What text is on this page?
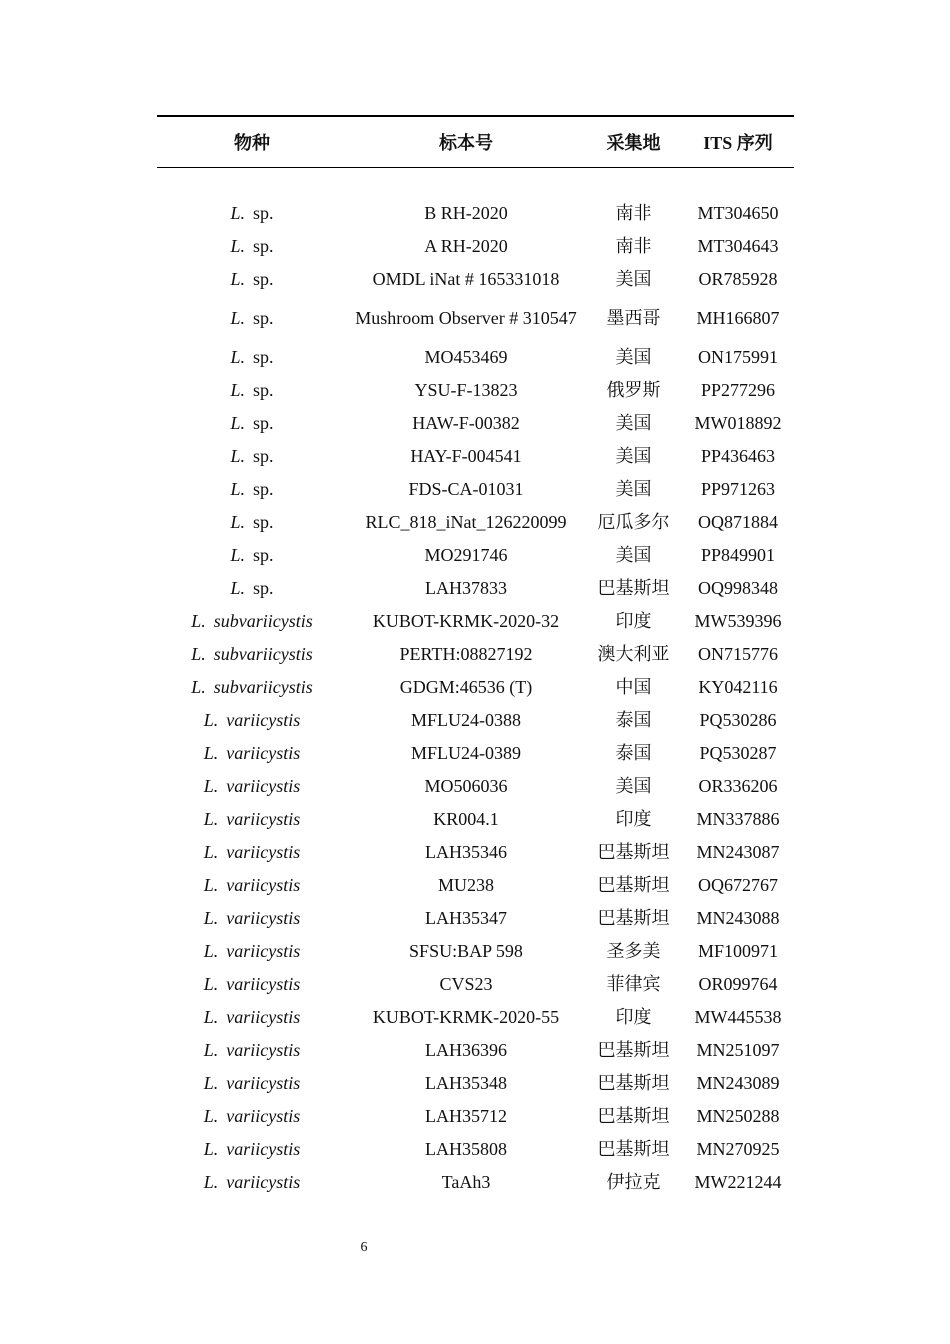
物种	标本号	采集地	ITS 序列

L. sp.	B RH-2020	南非	MT304650
L. sp.	A RH-2020	南非	MT304643
L. sp.	OMDL iNat # 165331018	美国	OR785928
L. sp.	Mushroom Observer # 310547	墨西哥	MH166807
L. sp.	MO453469	美国	ON175991
L. sp.	YSU-F-13823	俄罗斯	PP277296
L. sp.	HAW-F-00382	美国	MW018892
L. sp.	HAY-F-004541	美国	PP436463
L. sp.	FDS-CA-01031	美国	PP971263
L. sp.	RLC_818_iNat_126220099	厄瓜多尔	OQ871884
L. sp.	MO291746	美国	PP849901
L. sp.	LAH37833	巴基斯坦	OQ998348
L. subvariicystis	KUBOT-KRMK-2020-32	印度	MW539396
L. subvariicystis	PERTH:08827192	澳大利亚	ON715776
L. subvariicystis	GDGM:46536 (T)	中国	KY042116
L. variicystis	MFLU24-0388	泰国	PQ530286
L. variicystis	MFLU24-0389	泰国	PQ530287
L. variicystis	MO506036	美国	OR336206
L. variicystis	KR004.1	印度	MN337886
L. variicystis	LAH35346	巴基斯坦	MN243087
L. variicystis	MU238	巴基斯坦	OQ672767
L. variicystis	LAH35347	巴基斯坦	MN243088
L. variicystis	SFSU:BAP 598	圣多美	MF100971
L. variicystis	CVS23	菲律宾	OR099764
L. variicystis	KUBOT-KRMK-2020-55	印度	MW445538
L. variicystis	LAH36396	巴基斯坦	MN251097
L. variicystis	LAH35348	巴基斯坦	MN243089
L. variicystis	LAH35712	巴基斯坦	MN250288
L. variicystis	LAH35808	巴基斯坦	MN270925
L. variicystis	TaAh3	伊拉克	MW221244
6
